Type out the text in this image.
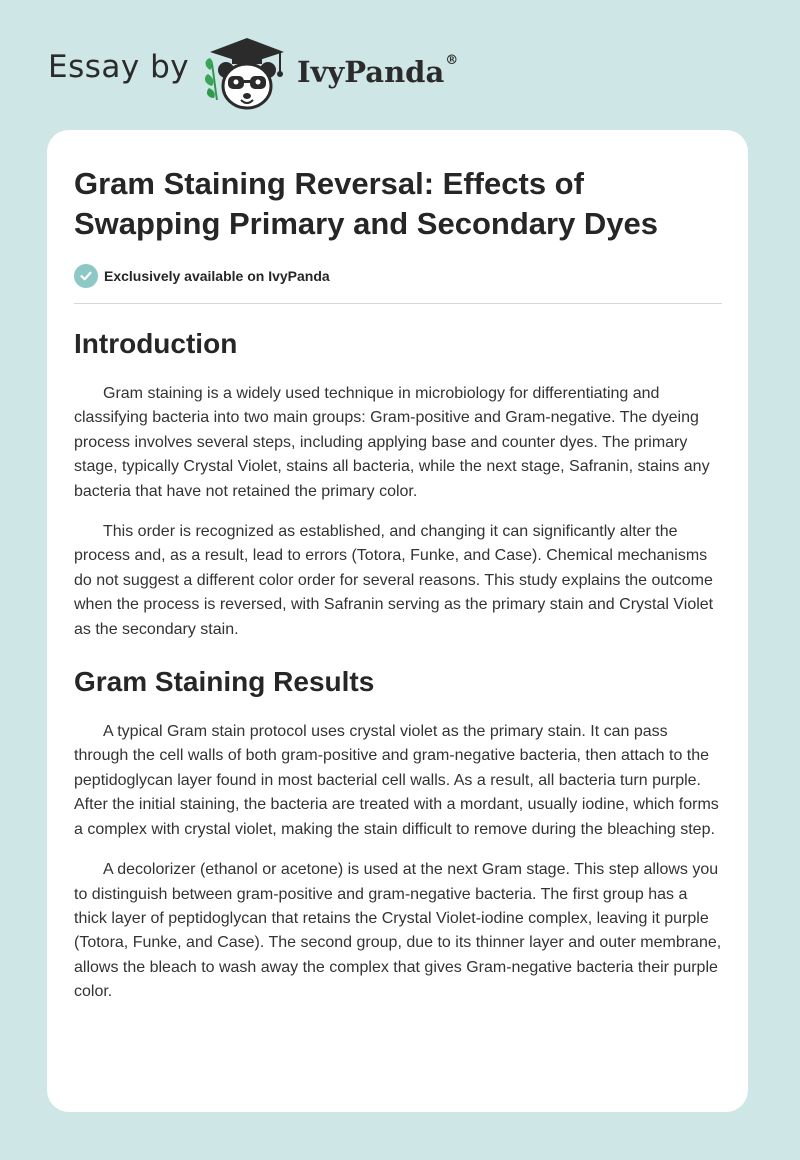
Essay by	IvyPanda®
Gram Staining Reversal: Effects of
Swapping Primary and Secondary Dyes
Exclusively available on IvyPanda
Introduction

Gram staining is a widely used technique in microbiology for differentiating and classifying bacteria into two main groups: Gram-positive and Gram-negative. The dyeing process involves several steps, including applying base and counter dyes. The primary stage, typically Crystal Violet, stains all bacteria, while the next stage, Safranin, stains any bacteria that have not retained the primary color.

This order is recognized as established, and changing it can significantly alter the process and, as a result, lead to errors (Totora, Funke, and Case). Chemical mechanisms do not suggest a different color order for several reasons. This study explains the outcome when the process is reversed, with Safranin serving as the primary stain and Crystal Violet as the secondary stain.

Gram Staining Results

A typical Gram stain protocol uses crystal violet as the primary stain. It can pass through the cell walls of both gram-positive and gram-negative bacteria, then attach to the peptidoglycan layer found in most bacterial cell walls. As a result, all bacteria turn purple. After the initial staining, the bacteria are treated with a mordant, usually iodine, which forms a complex with crystal violet, making the stain difficult to remove during the bleaching step.

A decolorizer (ethanol or acetone) is used at the next Gram stage. This step allows you to distinguish between gram-positive and gram-negative bacteria. The first group has a thick layer of peptidoglycan that retains the Crystal Violet-iodine complex, leaving it purple (Totora, Funke, and Case). The second group, due to its thinner layer and outer membrane, allows the bleach to wash away the complex that gives Gram-negative bacteria their purple color.
